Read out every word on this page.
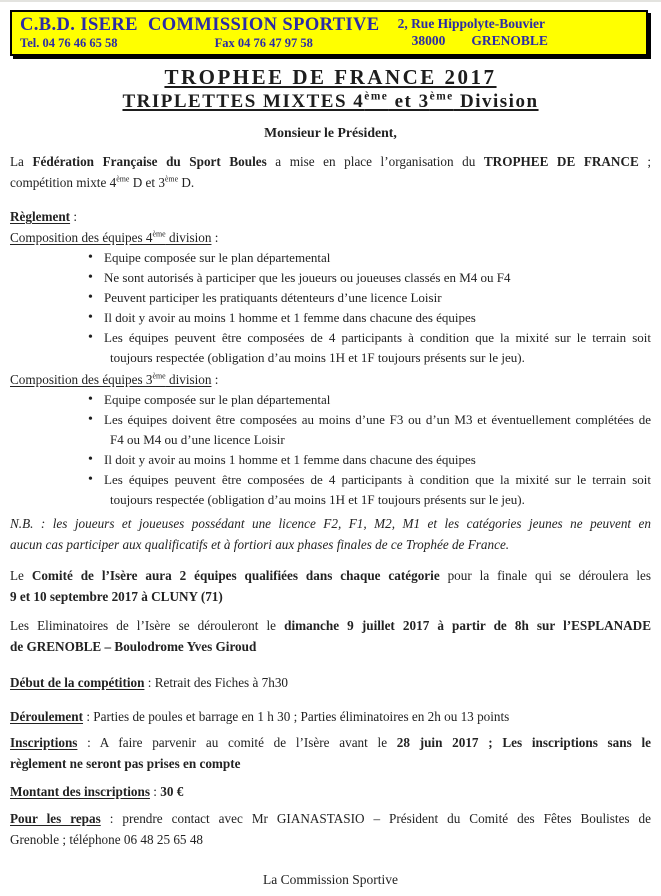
C.B.D. ISERE
Tel. 04 76 46 65 58
COMMISSION SPORTIVE
Fax 04 76 47 97 58
2, Rue Hippolyte-Bouvier
38000 GRENOBLE
TROPHEE DE FRANCE 2017
TRIPLETTES MIXTES 4ème et 3ème Division

Monsieur le Président,

La Fédération Française du Sport Boules a mise en place l’organisation du TROPHEE DE FRANCE ;
compétition mixte 4ème D et 3ème D.

Règlement :

Composition des équipes 4ème division :

• Equipe composée sur le plan départemental
• Ne sont autorisés à participer que les joueurs ou joueuses classés en M4 ou F4
• Peuvent participer les pratiquants détenteurs d’une licence Loisir
• Il doit y avoir au moins 1 homme et 1 femme dans chacune des équipes
• Les équipes peuvent être composées de 4 participants à condition que la mixité sur le terrain soit
toujours respectée (obligation d’au moins 1H et 1F toujours présents sur le jeu).

Composition des équipes 3ème division :

• Equipe composée sur le plan départemental
• Les équipes doivent être composées au moins d’une F3 ou d’un M3 et éventuellement complétées de
F4 ou M4 ou d’une licence Loisir
• Il doit y avoir au moins 1 homme et 1 femme dans chacune des équipes
• Les équipes peuvent être composées de 4 participants à condition que la mixité sur le terrain soit
toujours respectée (obligation d’au moins 1H et 1F toujours présents sur le jeu).
N.B. : les joueurs et joueuses possédant une licence F2, F1, M2, M1 et les catégories jeunes ne peuvent en
aucun cas participer aux qualificatifs et à fortiori aux phases finales de ce Trophée de France.
Le Comité de l’Isère aura 2 équipes qualifiées dans chaque catégorie pour la finale qui se déroulera les
9 et 10 septembre 2017 à CLUNY (71)
Les Eliminatoires de l’Isère se dérouleront le dimanche 9 juillet 2017 à partir de 8h sur l’ESPLANADE
de GRENOBLE – Boulodrome Yves Giroud

Début de la compétition : Retrait des Fiches à 7h30

Déroulement : Parties de poules et barrage en 1 h 30 ; Parties éliminatoires en 2h ou 13 points

Inscriptions : A faire parvenir au comité de l’Isère avant le 28 juin 2017 ; Les inscriptions sans le
règlement ne seront pas prises en compte

Montant des inscriptions : 30 €

Pour les repas : prendre contact avec Mr GIANASTASIO – Président du Comité des Fêtes Boulistes de
Grenoble ; téléphone 06 48 25 65 48

La Commission Sportive
